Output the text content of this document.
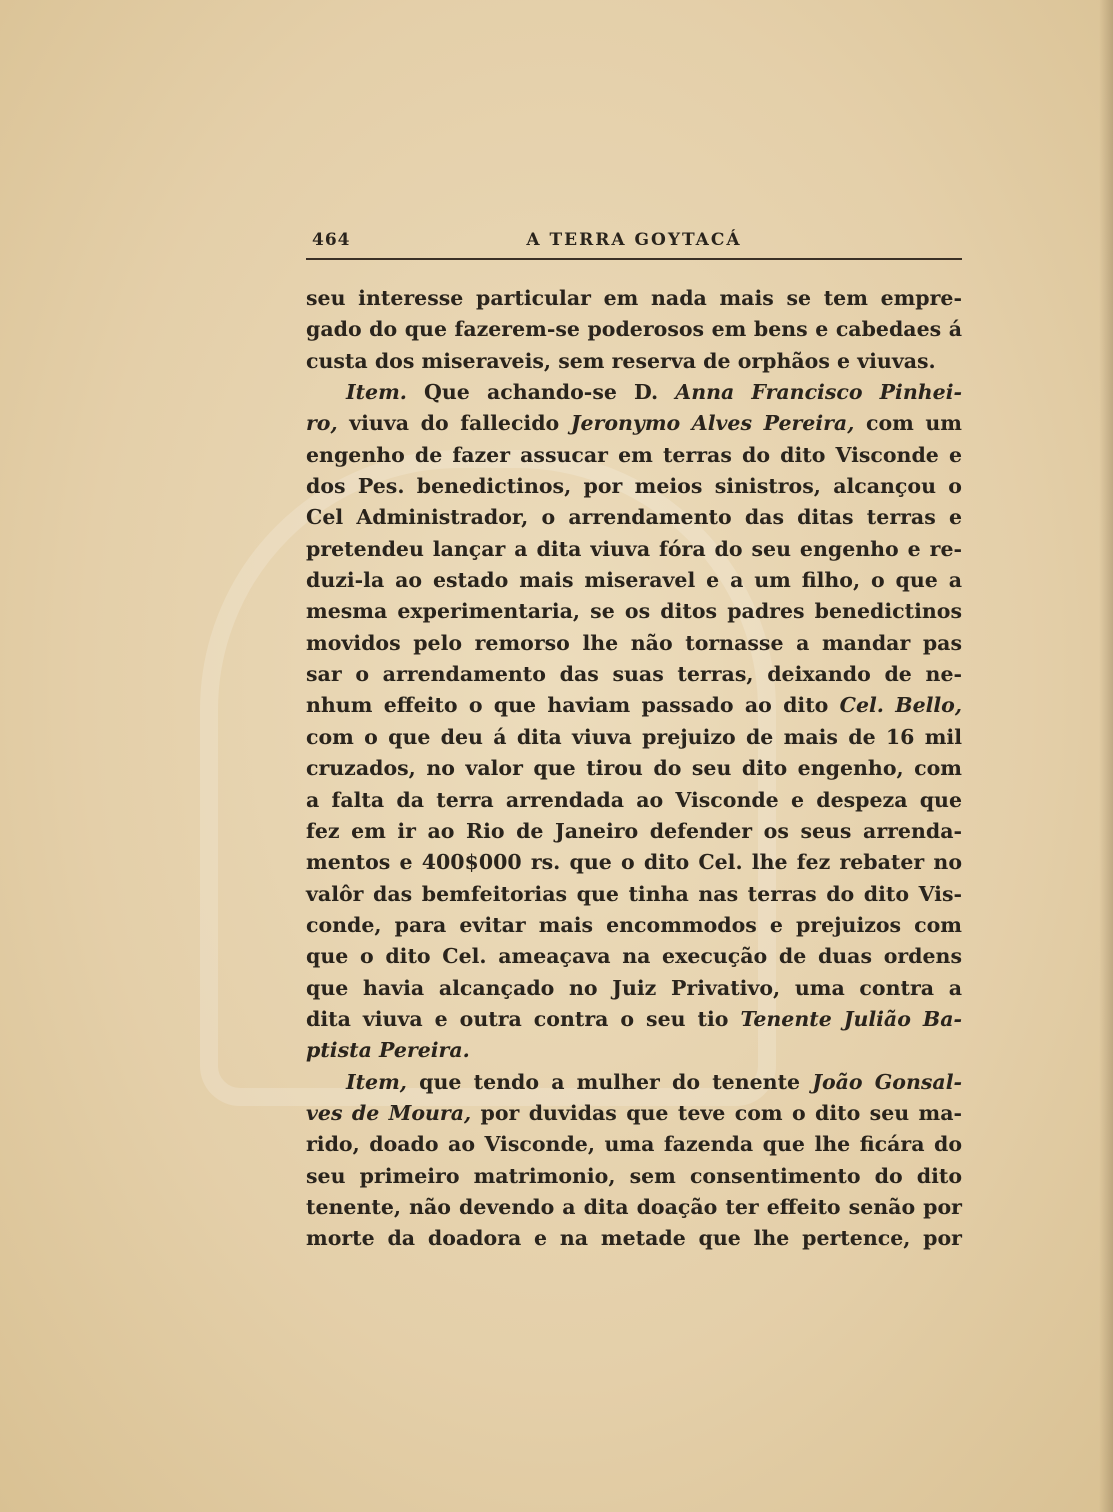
464	A TERRA GOYTACÁ
seu interesse particular em nada mais se tem empre-
gado do que fazerem-se poderosos em bens e cabedaes á
custa dos miseraveis, sem reserva de orphãos e viuvas.
Item. Que achando-se D. Anna Francisco Pinhei-
ro, viuva do fallecido Jeronymo Alves Pereira, com um
engenho de fazer assucar em terras do dito Visconde e
dos Pes. benedictinos, por meios sinistros, alcançou o
Cel Administrador, o arrendamento das ditas terras e
pretendeu lançar a dita viuva fóra do seu engenho e re-
duzi-la ao estado mais miseravel e a um filho, o que a
mesma experimentaria, se os ditos padres benedictinos
movidos pelo remorso lhe não tornasse a mandar pas
sar o arrendamento das suas terras, deixando de ne-
nhum effeito o que haviam passado ao dito Cel. Bello,
com o que deu á dita viuva prejuizo de mais de 16 mil
cruzados, no valor que tirou do seu dito engenho, com
a falta da terra arrendada ao Visconde e despeza que
fez em ir ao Rio de Janeiro defender os seus arrenda-
mentos e 400$000 rs. que o dito Cel. lhe fez rebater no
valôr das bemfeitorias que tinha nas terras do dito Vis-
conde, para evitar mais encommodos e prejuizos com
que o dito Cel. ameaçava na execução de duas ordens
que havia alcançado no Juiz Privativo, uma contra a
dita viuva e outra contra o seu tio Tenente Julião Ba-
ptista Pereira.
Item, que tendo a mulher do tenente João Gonsal-
ves de Moura, por duvidas que teve com o dito seu ma-
rido, doado ao Visconde, uma fazenda que lhe ficára do
seu primeiro matrimonio, sem consentimento do dito
tenente, não devendo a dita doação ter effeito senão por
morte da doadora e na metade que lhe pertence, por
